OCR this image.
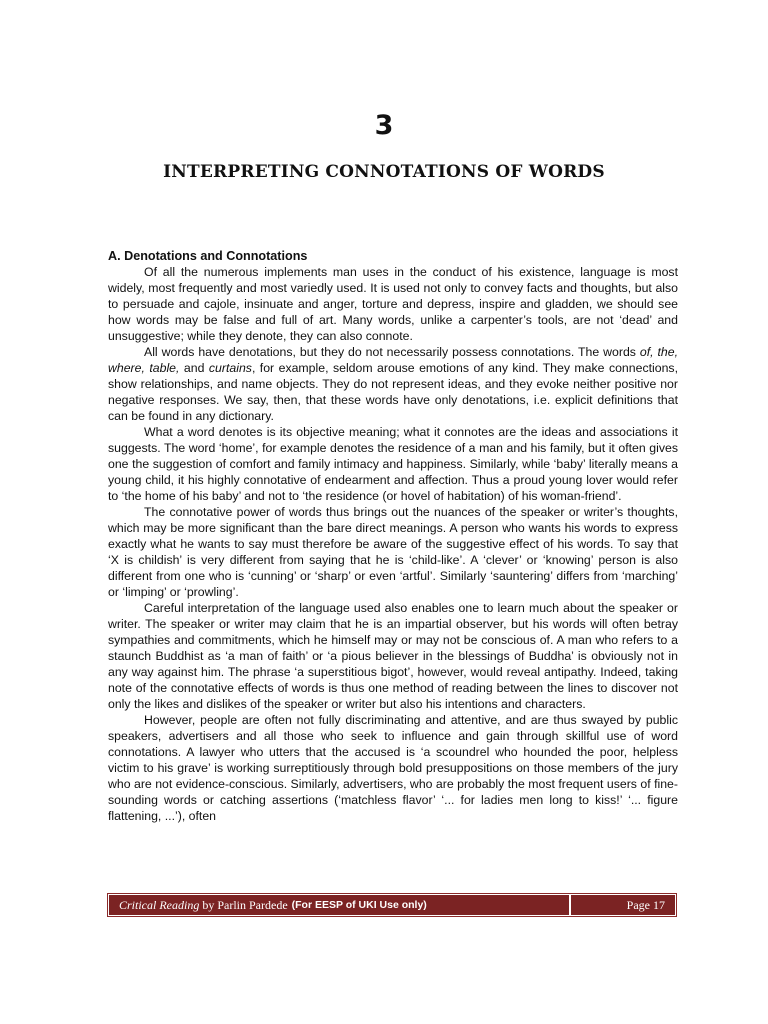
3
INTERPRETING CONNOTATIONS OF WORDS
A. Denotations and Connotations

Of all the numerous implements man uses in the conduct of his existence, language is most widely, most frequently and most variedly used. It is used not only to convey facts and thoughts, but also to persuade and cajole, insinuate and anger, torture and depress, inspire and gladden, we should see how words may be false and full of art. Many words, unlike a carpenter’s tools, are not ‘dead’ and unsuggestive; while they denote, they can also connote.

All words have denotations, but they do not necessarily possess connotations. The words of, the, where, table, and curtains, for example, seldom arouse emotions of any kind. They make connections, show relationships, and name objects. They do not represent ideas, and they evoke neither positive nor negative responses. We say, then, that these words have only denotations, i.e. explicit definitions that can be found in any dictionary.

What a word denotes is its objective meaning; what it connotes are the ideas and associations it suggests. The word ‘home’, for example denotes the residence of a man and his family, but it often gives one the suggestion of comfort and family intimacy and happiness. Similarly, while ‘baby’ literally means a young child, it his highly connotative of endearment and affection. Thus a proud young lover would refer to ‘the home of his baby’ and not to ‘the residence (or hovel of habitation) of his woman-friend’.

The connotative power of words thus brings out the nuances of the speaker or writer’s thoughts, which may be more significant than the bare direct meanings. A person who wants his words to express exactly what he wants to say must therefore be aware of the suggestive effect of his words. To say that ‘X is childish’ is very different from saying that he is ‘child-like’. A ‘clever’ or ‘knowing’ person is also different from one who is ‘cunning’ or ‘sharp’ or even ‘artful’. Similarly ‘sauntering’ differs from ‘marching’ or ‘limping’ or ‘prowling’.

Careful interpretation of the language used also enables one to learn much about the speaker or writer. The speaker or writer may claim that he is an impartial observer, but his words will often betray sympathies and commitments, which he himself may or may not be conscious of. A man who refers to a staunch Buddhist as ‘a man of faith’ or ‘a pious believer in the blessings of Buddha’ is obviously not in any way against him. The phrase ‘a superstitious bigot’, however, would reveal antipathy. Indeed, taking note of the connotative effects of words is thus one method of reading between the lines to discover not only the likes and dislikes of the speaker or writer but also his intentions and characters.

However, people are often not fully discriminating and attentive, and are thus swayed by public speakers, advertisers and all those who seek to influence and gain through skillful use of word connotations. A lawyer who utters that the accused is ‘a scoundrel who hounded the poor, helpless victim to his grave’ is working surreptitiously through bold presuppositions on those members of the jury who are not evidence-conscious. Similarly, advertisers, who are probably the most frequent users of fine-sounding words or catching assertions (‘matchless flavor’ ‘... for ladies men long to kiss!’ ‘... figure flattening, ...’), often

Critical Reading by Parlin Pardede (For EESP of UKI Use only)	Page 17
